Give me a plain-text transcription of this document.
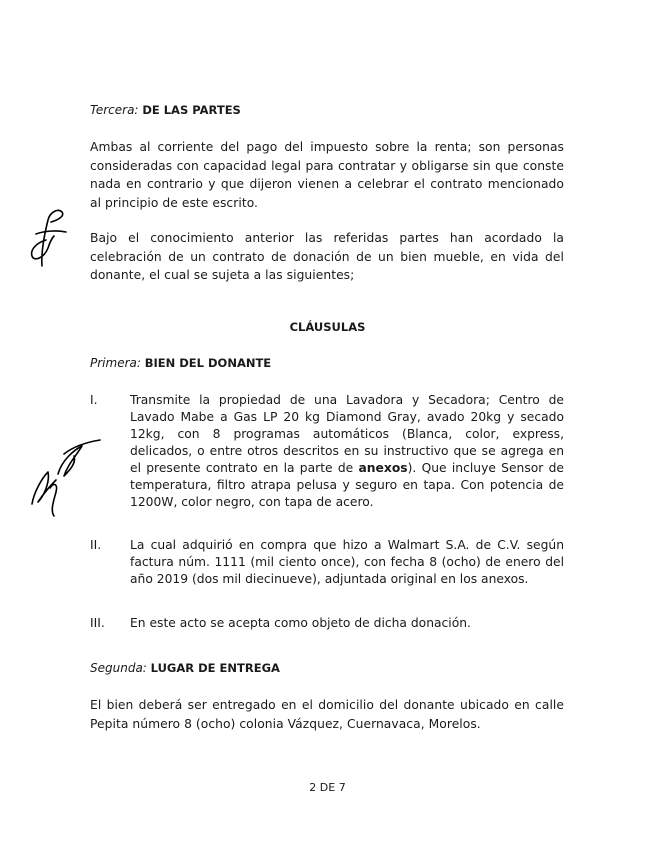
Tercera: DE LAS PARTES
Ambas al corriente del pago del impuesto sobre la renta; son personas consideradas con capacidad legal para contratar y obligarse sin que conste nada en contrario y que dijeron vienen a celebrar el contrato mencionado al principio de este escrito.
Bajo el conocimiento anterior las referidas partes han acordado la celebración de un contrato de donación de un bien mueble, en vida del donante, el cual se sujeta a las siguientes;
CLÁUSULAS
Primera: BIEN DEL DONANTE
I.	Transmite la propiedad de una Lavadora y Secadora; Centro de Lavado Mabe a Gas LP 20 kg Diamond Gray, avado 20kg y secado 12kg, con 8 programas automáticos (Blanca, color, express, delicados, o entre otros descritos en su instructivo que se agrega en el presente contrato en la parte de anexos). Que incluye Sensor de temperatura, filtro atrapa pelusa y seguro en tapa. Con potencia de 1200W, color negro, con tapa de acero.
II.	La cual adquirió en compra que hizo a Walmart S.A. de C.V. según factura núm. 1111 (mil ciento once), con fecha 8 (ocho) de enero del año 2019 (dos mil diecinueve), adjuntada original en los anexos.
III.	En este acto se acepta como objeto de dicha donación.
Segunda: LUGAR DE ENTREGA
El bien deberá ser entregado en el domicilio del donante ubicado en calle Pepita número 8 (ocho) colonia Vázquez, Cuernavaca, Morelos.
2 DE 7
